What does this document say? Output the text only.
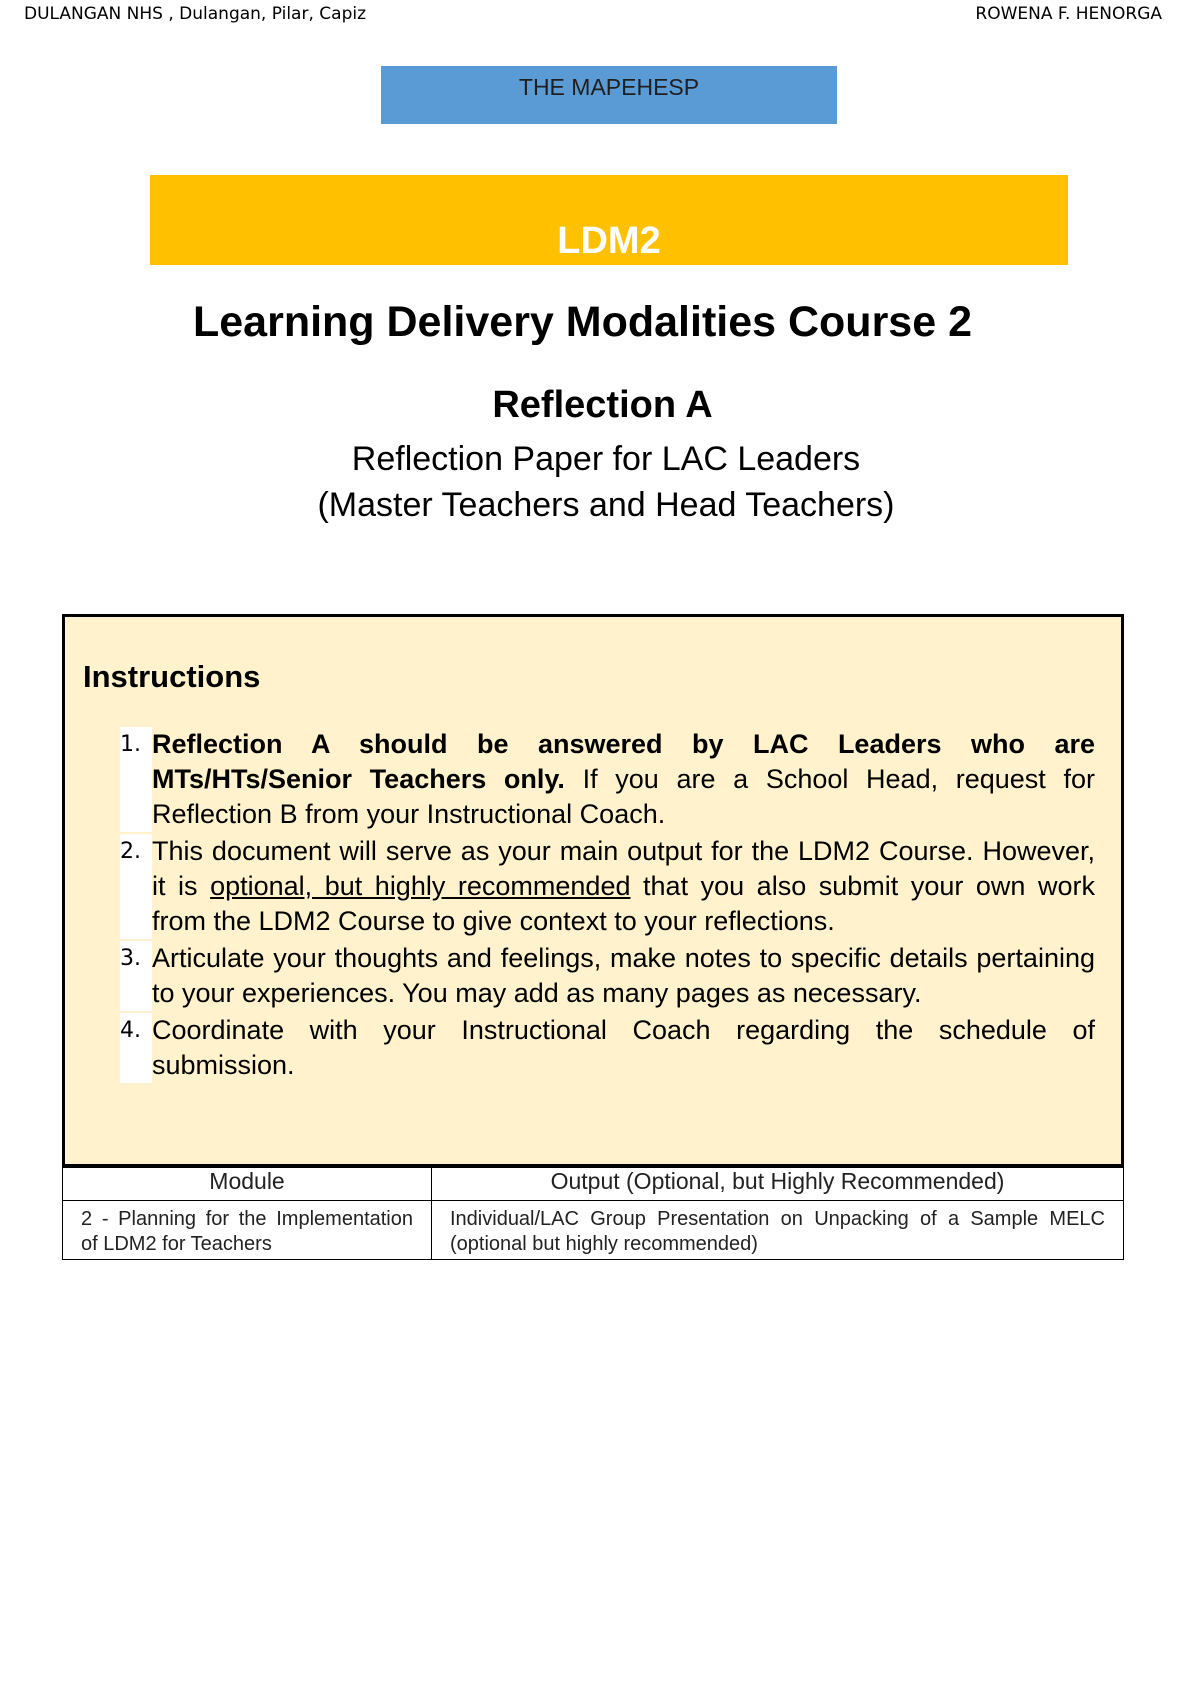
DULANGAN NHS , Dulangan, Pilar, Capiz	ROWENA F. HENORGA
THE MAPEHESP
LDM2
Learning Delivery Modalities Course 2
Reflection A
Reflection Paper for LAC Leaders
(Master Teachers and Head Teachers)
Instructions
1. Reflection A should be answered by LAC Leaders who are MTs/HTs/Senior Teachers only. If you are a School Head, request for Reflection B from your Instructional Coach.
2. This document will serve as your main output for the LDM2 Course. However, it is optional, but highly recommended that you also submit your own work from the LDM2 Course to give context to your reflections.
3. Articulate your thoughts and feelings, make notes to specific details pertaining to your experiences. You may add as many pages as necessary.
4. Coordinate with your Instructional Coach regarding the schedule of submission.
Module	Output (Optional, but Highly Recommended)
2 - Planning for the Implementation of LDM2 for Teachers	Individual/LAC Group Presentation on Unpacking of a Sample MELC (optional but highly recommended)
